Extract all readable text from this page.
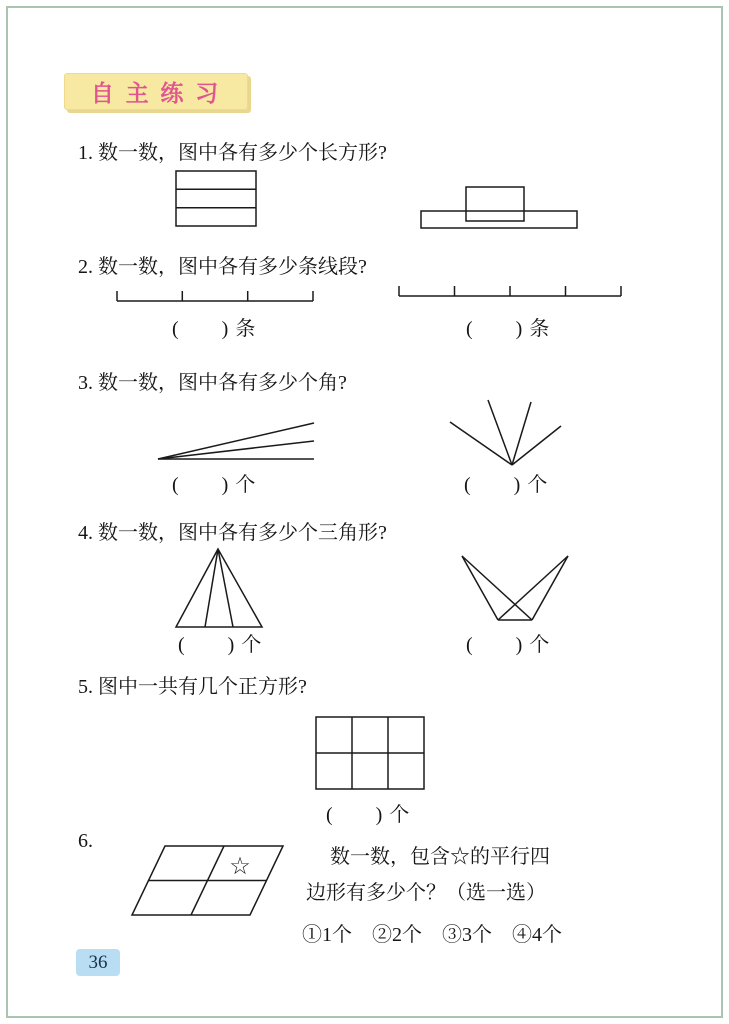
自 主 练 习
1. 数一数，图中各有多少个长方形?
2. 数一数，图中各有多少条线段?
(　　) 条	(　　) 条
3. 数一数，图中各有多少个角?
(　　) 个	(　　) 个
4. 数一数，图中各有多少个三角形?
(　　) 个	(　　) 个
5. 图中一共有几个正方形?
(　　) 个
6.
☆	数一数，包含☆的平行四
边形有多少个？（选一选）
①1个　②2个　③3个　④4个
36
